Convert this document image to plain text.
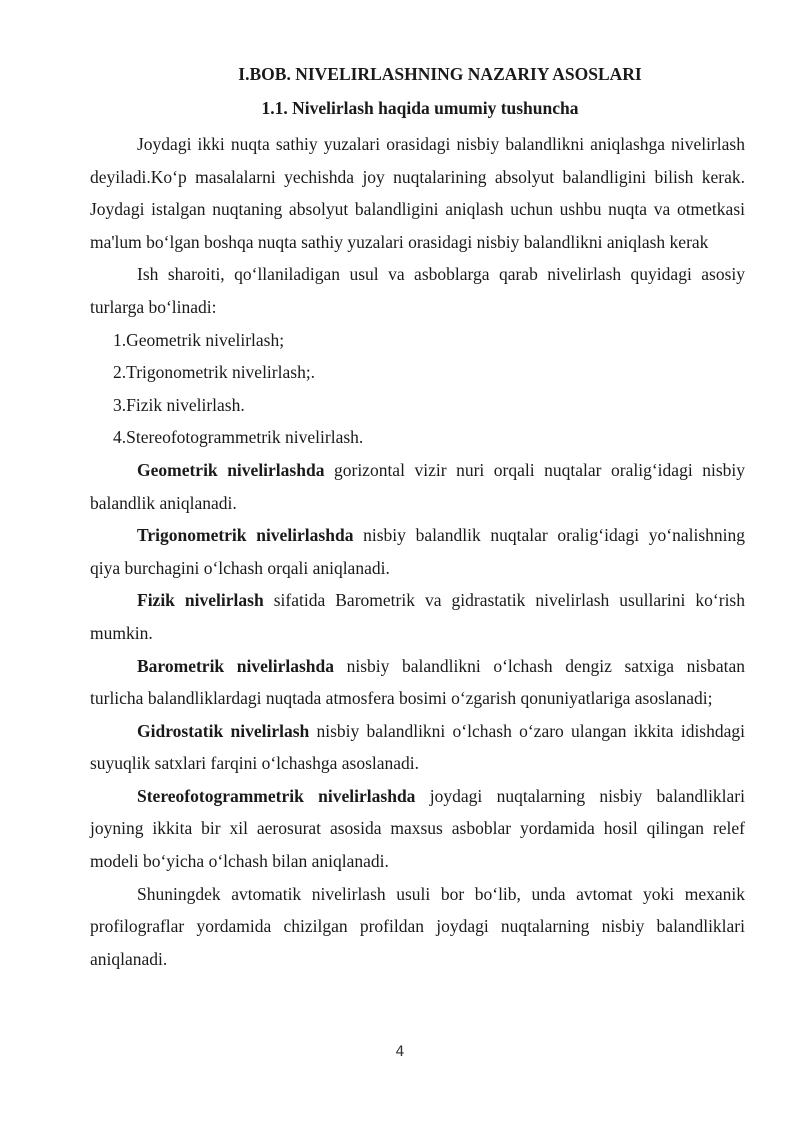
I.BOB. NIVELIRLASHNING NAZARIY ASOSLARI
1.1. Nivelirlash haqida umumiy tushuncha

Joydagi ikki nuqta sathiy yuzalari orasidagi nisbiy balandlikni aniqlashga nivelirlash deyiladi.Ko‘p masalalarni yechishda joy nuqtalarining absolyut balandligini bilish kerak. Joydagi istalgan nuqtaning absolyut balandligini aniqlash uchun ushbu nuqta va otmetkasi ma'lum bo‘lgan boshqa nuqta sathiy yuzalari orasidagi nisbiy balandlikni aniqlash kerak

Ish sharoiti, qo‘llaniladigan usul va asboblarga qarab nivelirlash quyidagi asosiy turlarga bo‘linadi:

1.Geometrik nivelirlash;

2.Trigonometrik nivelirlash;.

3.Fizik nivelirlash.

4.Stereofotogrammetrik nivelirlash.

Geometrik nivelirlashda gorizontal vizir nuri orqali nuqtalar oralig‘idagi nisbiy balandlik aniqlanadi.

Trigonometrik nivelirlashda nisbiy balandlik nuqtalar oralig‘idagi yo‘nalishning qiya burchagini o‘lchash orqali aniqlanadi.

Fizik nivelirlash sifatida Barometrik va gidrastatik nivelirlash usullarini ko‘rish mumkin.

Barometrik nivelirlashda nisbiy balandlikni o‘lchash dengiz satxiga nisbatan turlicha balandliklardagi nuqtada atmosfera bosimi o‘zgarish qonuniyatlariga asoslanadi;

Gidrostatik nivelirlash nisbiy balandlikni o‘lchash o‘zaro ulangan ikkita idishdagi suyuqlik satxlari farqini o‘lchashga asoslanadi.

Stereofotogrammetrik nivelirlashda joydagi nuqtalarning nisbiy balandliklari joyning ikkita bir xil aerosurat asosida maxsus asboblar yordamida hosil qilingan relef modeli bo‘yicha o‘lchash bilan aniqlanadi.

Shuningdek avtomatik nivelirlash usuli bor bo‘lib, unda avtomat yoki mexanik profilograflar yordamida chizilgan profildan joydagi nuqtalarning nisbiy balandliklari aniqlanadi.

4
